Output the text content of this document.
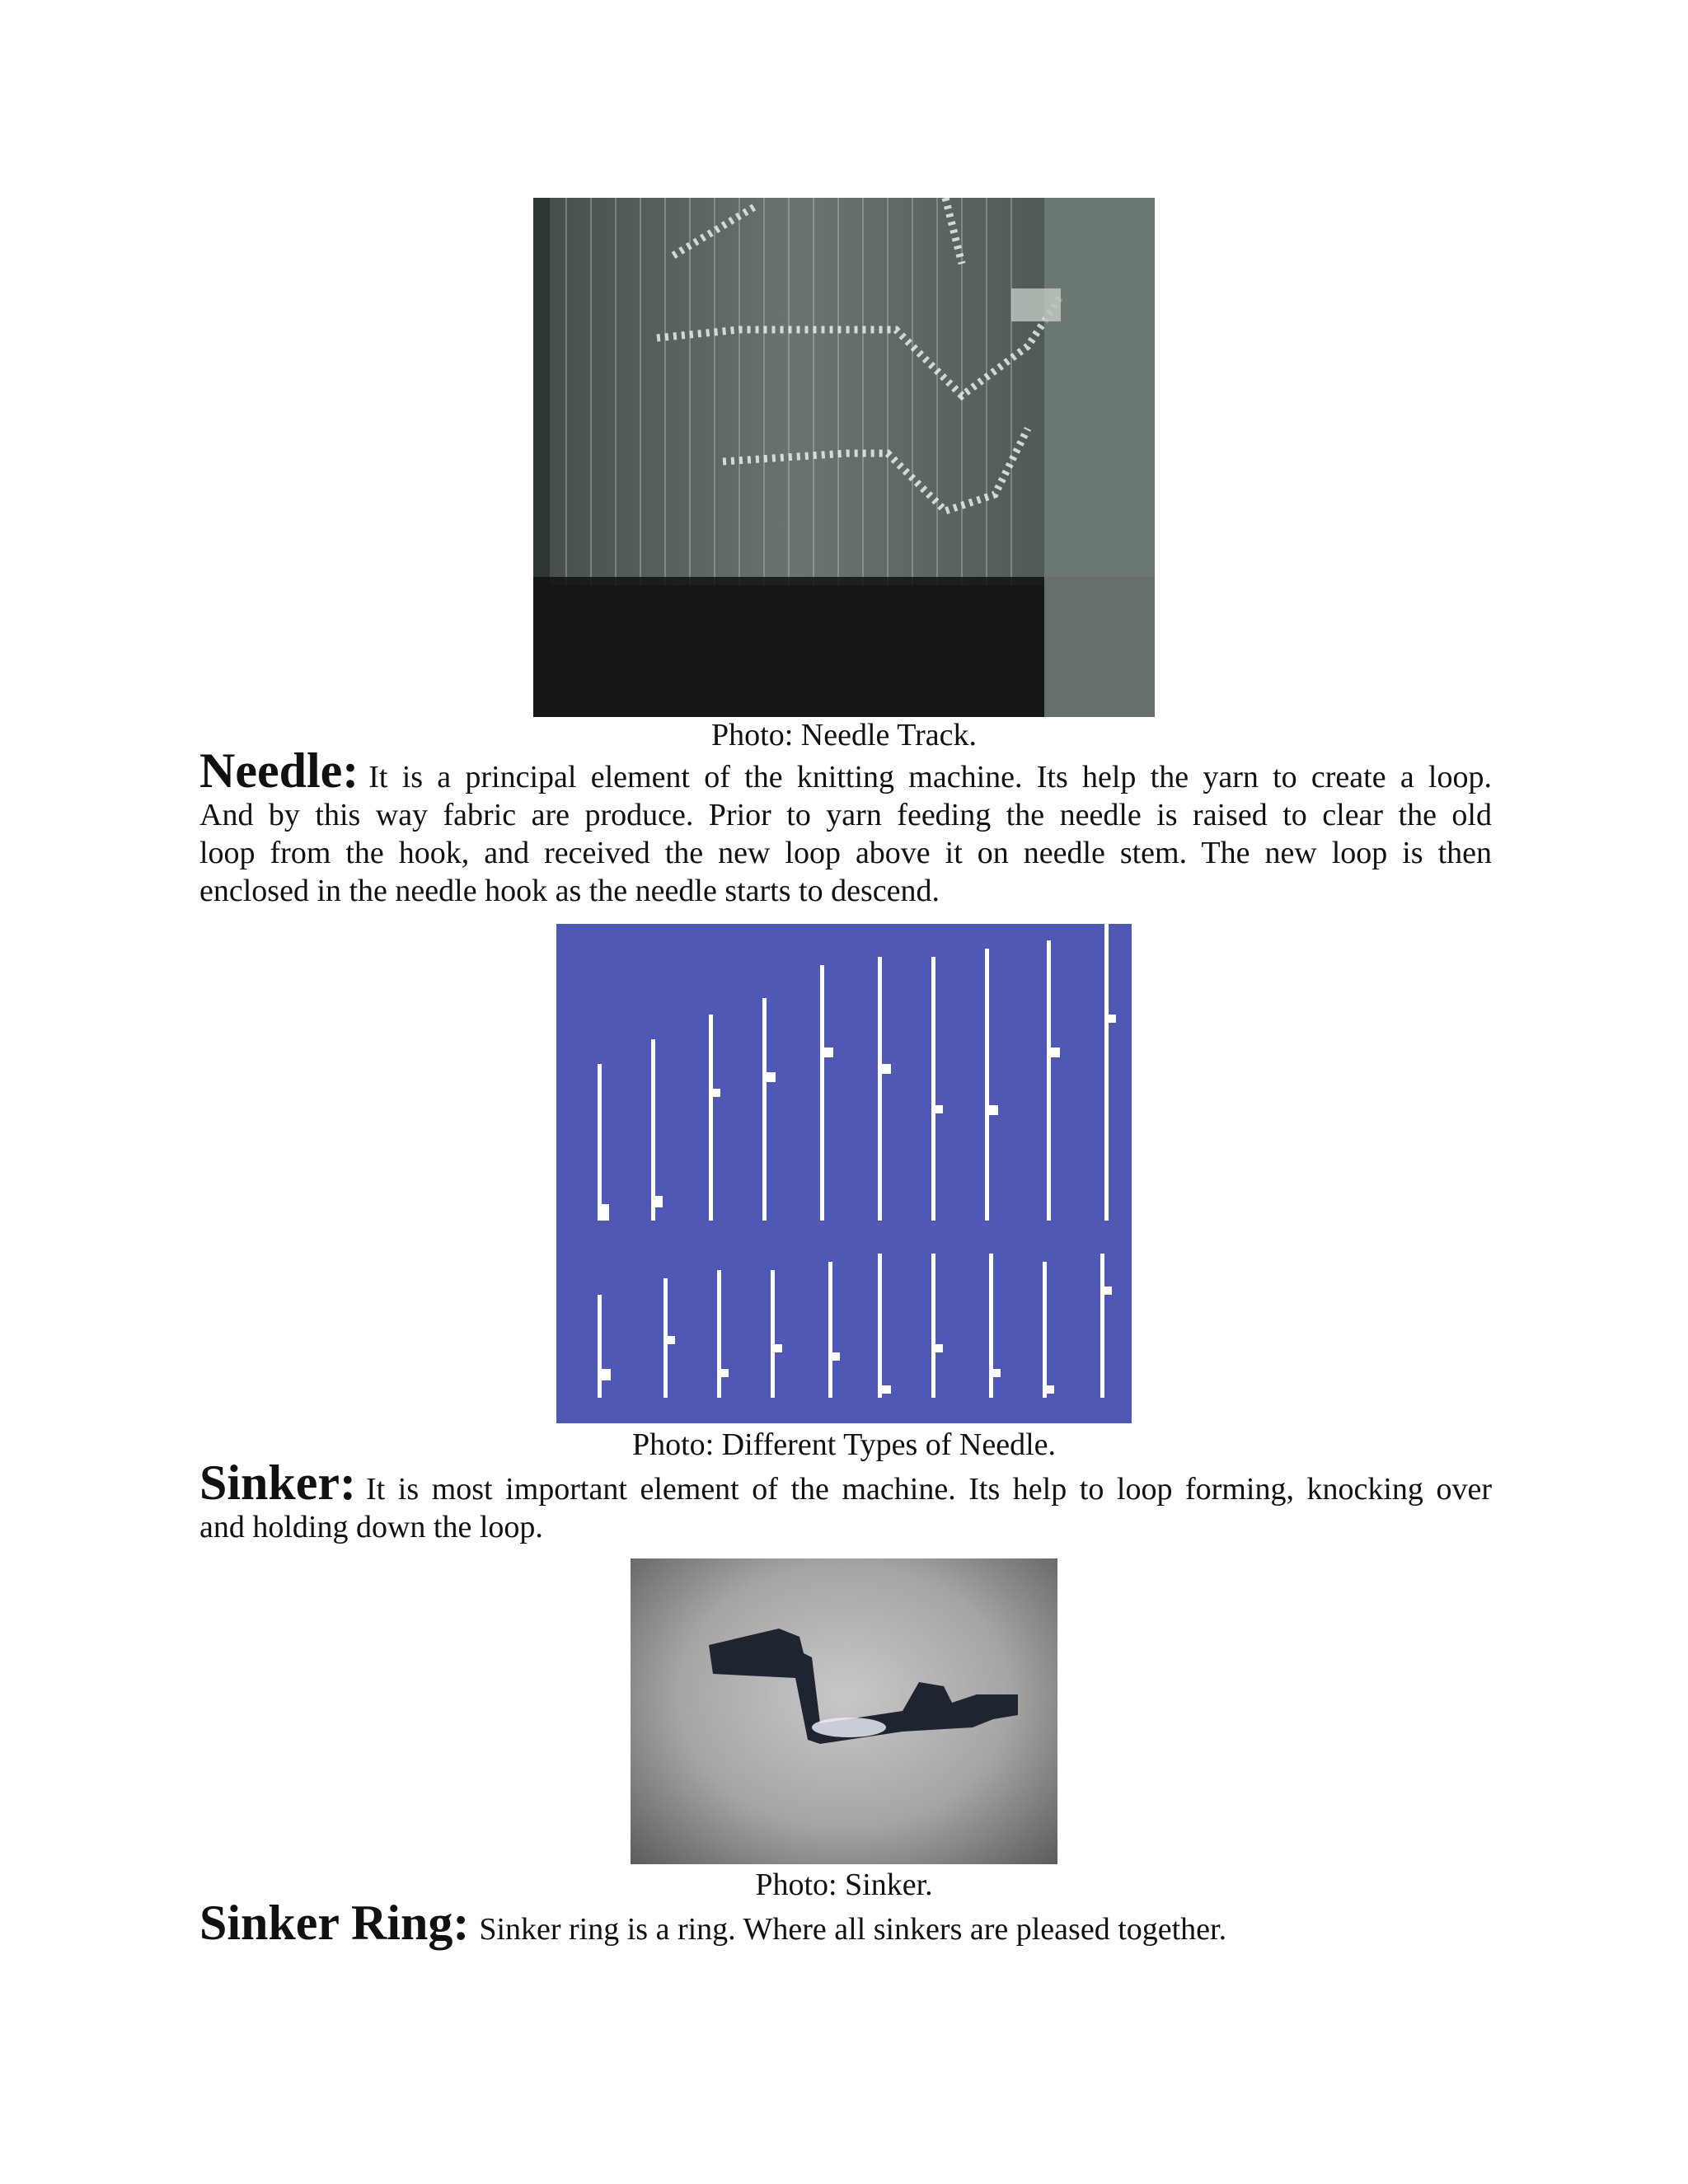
Photo: Needle Track.
Needle: It is a principal element of the knitting machine. Its help the yarn to create a loop.
And by this way fabric are produce. Prior to yarn feeding the needle is raised to clear the old
loop from the hook, and received the new loop above it on needle stem. The new loop is then
enclosed in the needle hook as the needle starts to descend.
Photo: Different Types of Needle.
Sinker: It is most important element of the machine. Its help to loop forming, knocking over
and holding down the loop.
Photo: Sinker.
Sinker Ring: Sinker ring is a ring. Where all sinkers are pleased together.
